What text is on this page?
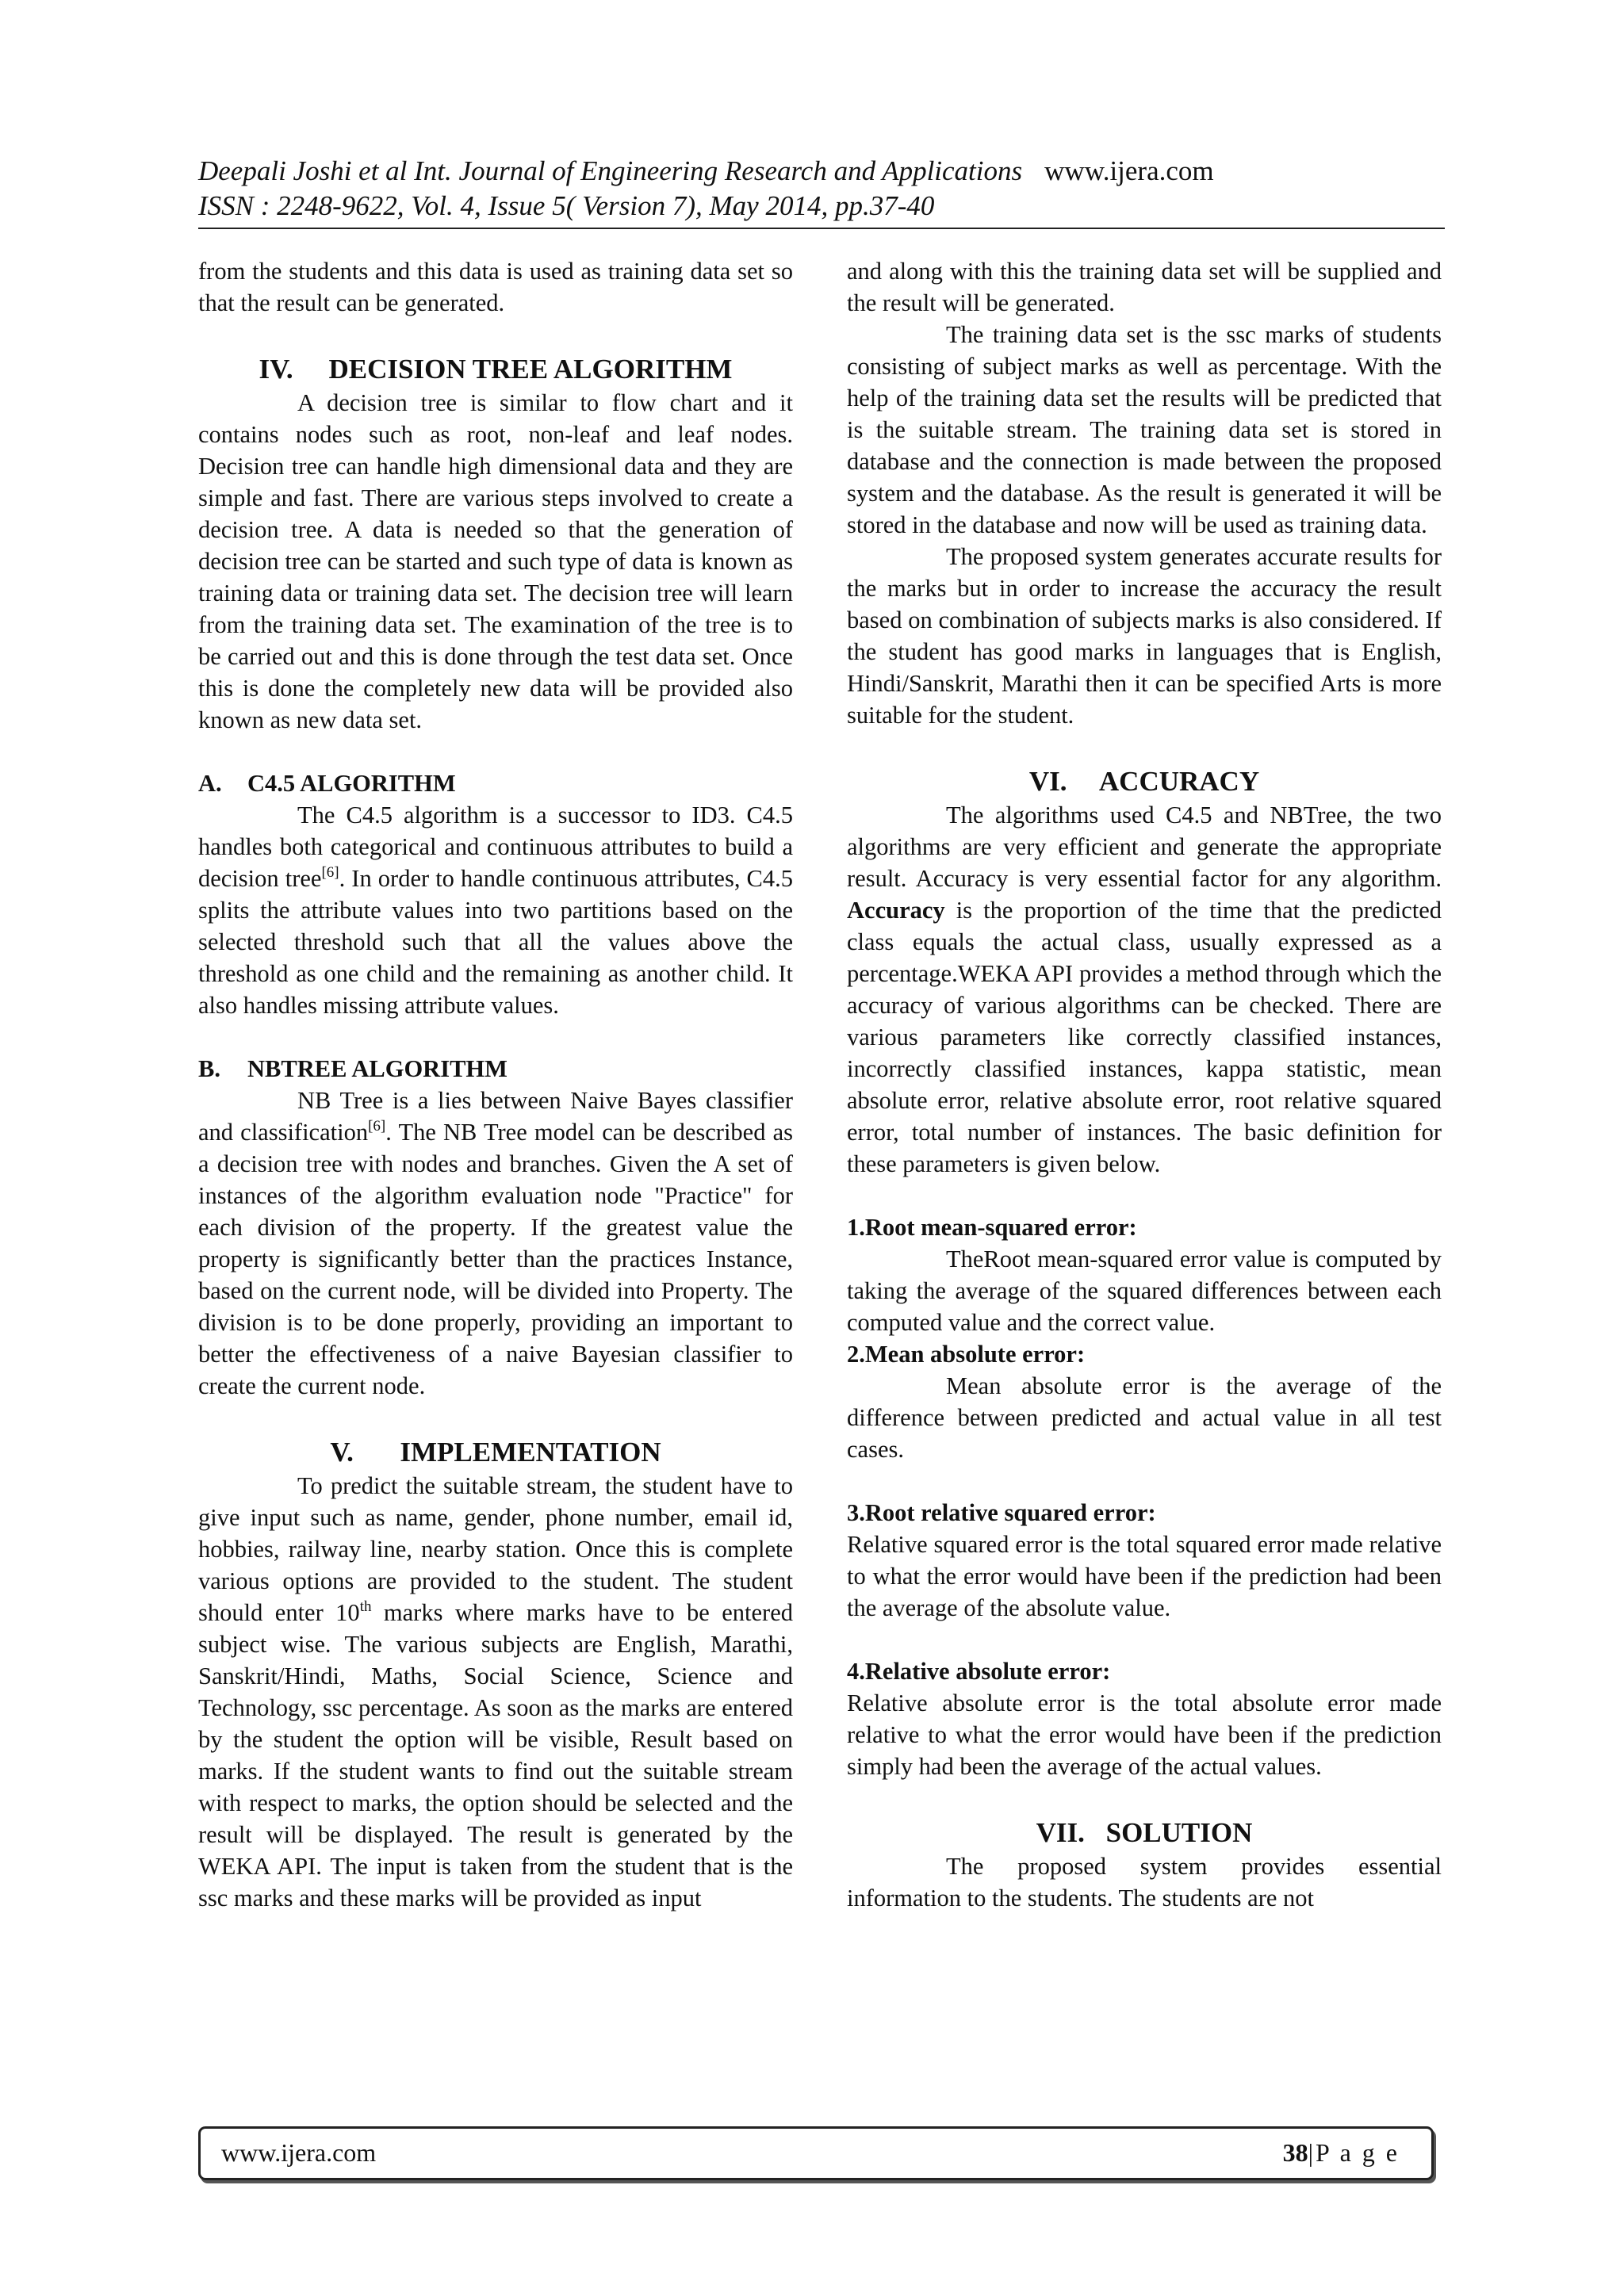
Deepali Joshi et al Int. Journal of Engineering Research and Applications www.ijera.com
ISSN : 2248-9622, Vol. 4, Issue 5( Version 7), May 2014, pp.37-40

from the students and this data is used as training data set so that the result can be generated.

IV. DECISION TREE ALGORITHM

A decision tree is similar to flow chart and it contains nodes such as root, non-leaf and leaf nodes. Decision tree can handle high dimensional data and they are simple and fast. There are various steps involved to create a decision tree. A data is needed so that the generation of decision tree can be started and such type of data is known as training data or training data set. The decision tree will learn from the training data set. The examination of the tree is to be carried out and this is done through the test data set. Once this is done the completely new data will be provided also known as new data set.

A. C4.5 ALGORITHM

The C4.5 algorithm is a successor to ID3. C4.5 handles both categorical and continuous attributes to build a decision tree[6]. In order to handle continuous attributes, C4.5 splits the attribute values into two partitions based on the selected threshold such that all the values above the threshold as one child and the remaining as another child. It also handles missing attribute values.

B. NBTREE ALGORITHM

NB Tree is a lies between Naive Bayes classifier and classification[6]. The NB Tree model can be described as a decision tree with nodes and branches. Given the A set of instances of the algorithm evaluation node "Practice" for each division of the property. If the greatest value the property is significantly better than the practices Instance, based on the current node, will be divided into Property. The division is to be done properly, providing an important to better the effectiveness of a naive Bayesian classifier to create the current node.

V. IMPLEMENTATION

To predict the suitable stream, the student have to give input such as name, gender, phone number, email id, hobbies, railway line, nearby station. Once this is complete various options are provided to the student. The student should enter 10th marks where marks have to be entered subject wise. The various subjects are English, Marathi, Sanskrit/Hindi, Maths, Social Science, Science and Technology, ssc percentage. As soon as the marks are entered by the student the option will be visible, Result based on marks. If the student wants to find out the suitable stream with respect to marks, the option should be selected and the result will be displayed. The result is generated by the WEKA API. The input is taken from the student that is the ssc marks and these marks will be provided as input

and along with this the training data set will be supplied and the result will be generated.

The training data set is the ssc marks of students consisting of subject marks as well as percentage. With the help of the training data set the results will be predicted that is the suitable stream. The training data set is stored in database and the connection is made between the proposed system and the database. As the result is generated it will be stored in the database and now will be used as training data.

The proposed system generates accurate results for the marks but in order to increase the accuracy the result based on combination of subjects marks is also considered. If the student has good marks in languages that is English, Hindi/Sanskrit, Marathi then it can be specified Arts is more suitable for the student.

VI. ACCURACY

The algorithms used C4.5 and NBTree, the two algorithms are very efficient and generate the appropriate result. Accuracy is very essential factor for any algorithm. Accuracy is the proportion of the time that the predicted class equals the actual class, usually expressed as a percentage.WEKA API provides a method through which the accuracy of various algorithms can be checked. There are various parameters like correctly classified instances, incorrectly classified instances, kappa statistic, mean absolute error, relative absolute error, root relative squared error, total number of instances. The basic definition for these parameters is given below.

1.Root mean-squared error:

TheRoot mean-squared error value is computed by taking the average of the squared differences between each computed value and the correct value.

2.Mean absolute error:

Mean absolute error is the average of the difference between predicted and actual value in all test cases.

3.Root relative squared error:

Relative squared error is the total squared error made relative to what the error would have been if the prediction had been the average of the absolute value.

4.Relative absolute error:

Relative absolute error is the total absolute error made relative to what the error would have been if the prediction simply had been the average of the actual values.

VII. SOLUTION

The proposed system provides essential information to the students. The students are not

www.ijera.com	38|P a g e
